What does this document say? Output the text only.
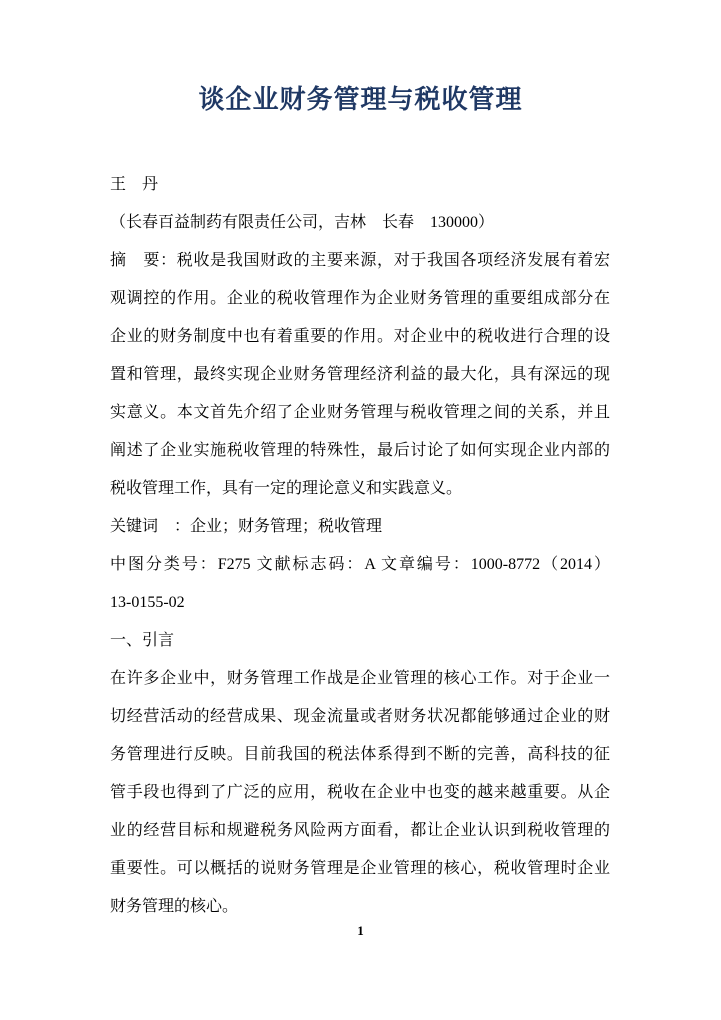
谈企业财务管理与税收管理
王　丹
（长春百益制药有限责任公司，吉林　长春　130000）
摘　要：税收是我国财政的主要来源，对于我国各项经济发展有着宏
观调控的作用。企业的税收管理作为企业财务管理的重要组成部分在
企业的财务制度中也有着重要的作用。对企业中的税收进行合理的设
置和管理，最终实现企业财务管理经济利益的最大化，具有深远的现
实意义。本文首先介绍了企业财务管理与税收管理之间的关系，并且
阐述了企业实施税收管理的特殊性，最后讨论了如何实现企业内部的
税收管理工作，具有一定的理论意义和实践意义。
关键词　：企业；财务管理；税收管理
中图分类号：F275 文献标志码：A 文章编号：1000-8772（2014）
13-0155-02
一、引言
在许多企业中，财务管理工作战是企业管理的核心工作。对于企业一
切经营活动的经营成果、现金流量或者财务状况都能够通过企业的财
务管理进行反映。目前我国的税法体系得到不断的完善，高科技的征
管手段也得到了广泛的应用，税收在企业中也变的越来越重要。从企
业的经营目标和规避税务风险两方面看，都让企业认识到税收管理的
重要性。可以概括的说财务管理是企业管理的核心，税收管理时企业
财务管理的核心。
1
